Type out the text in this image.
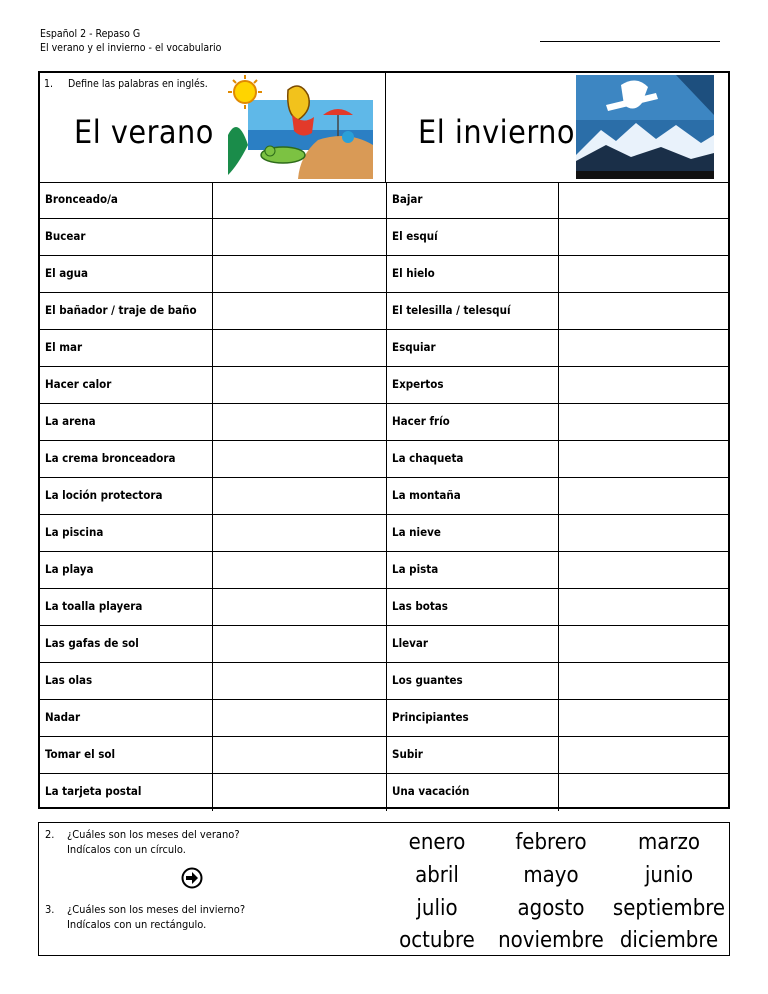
Español 2 - Repaso G
El verano y el invierno - el vocabulario
1. Define las palabras en inglés.
El verano	El invierno
Bronceado/a	Bajar
Bucear	El esquí
El agua	El hielo
El bañador / traje de baño	El telesilla / telesquí
El mar	Esquiar
Hacer calor	Expertos
La arena	Hacer frío
La crema bronceadora	La chaqueta
La loción protectora	La montaña
La piscina	La nieve
La playa	La pista
La toalla playera	Las botas
Las gafas de sol	Llevar
Las olas	Los guantes
Nadar	Principiantes
Tomar el sol	Subir
La tarjeta postal	Una vacación
2.	¿Cuáles son los meses del verano?
Indícalos con un círculo.
3.	¿Cuáles son los meses del invierno?
Indícalos con un rectángulo.
enero	febrero	marzo
abril	mayo	junio
julio	agosto	septiembre
octubre	noviembre diciembre
